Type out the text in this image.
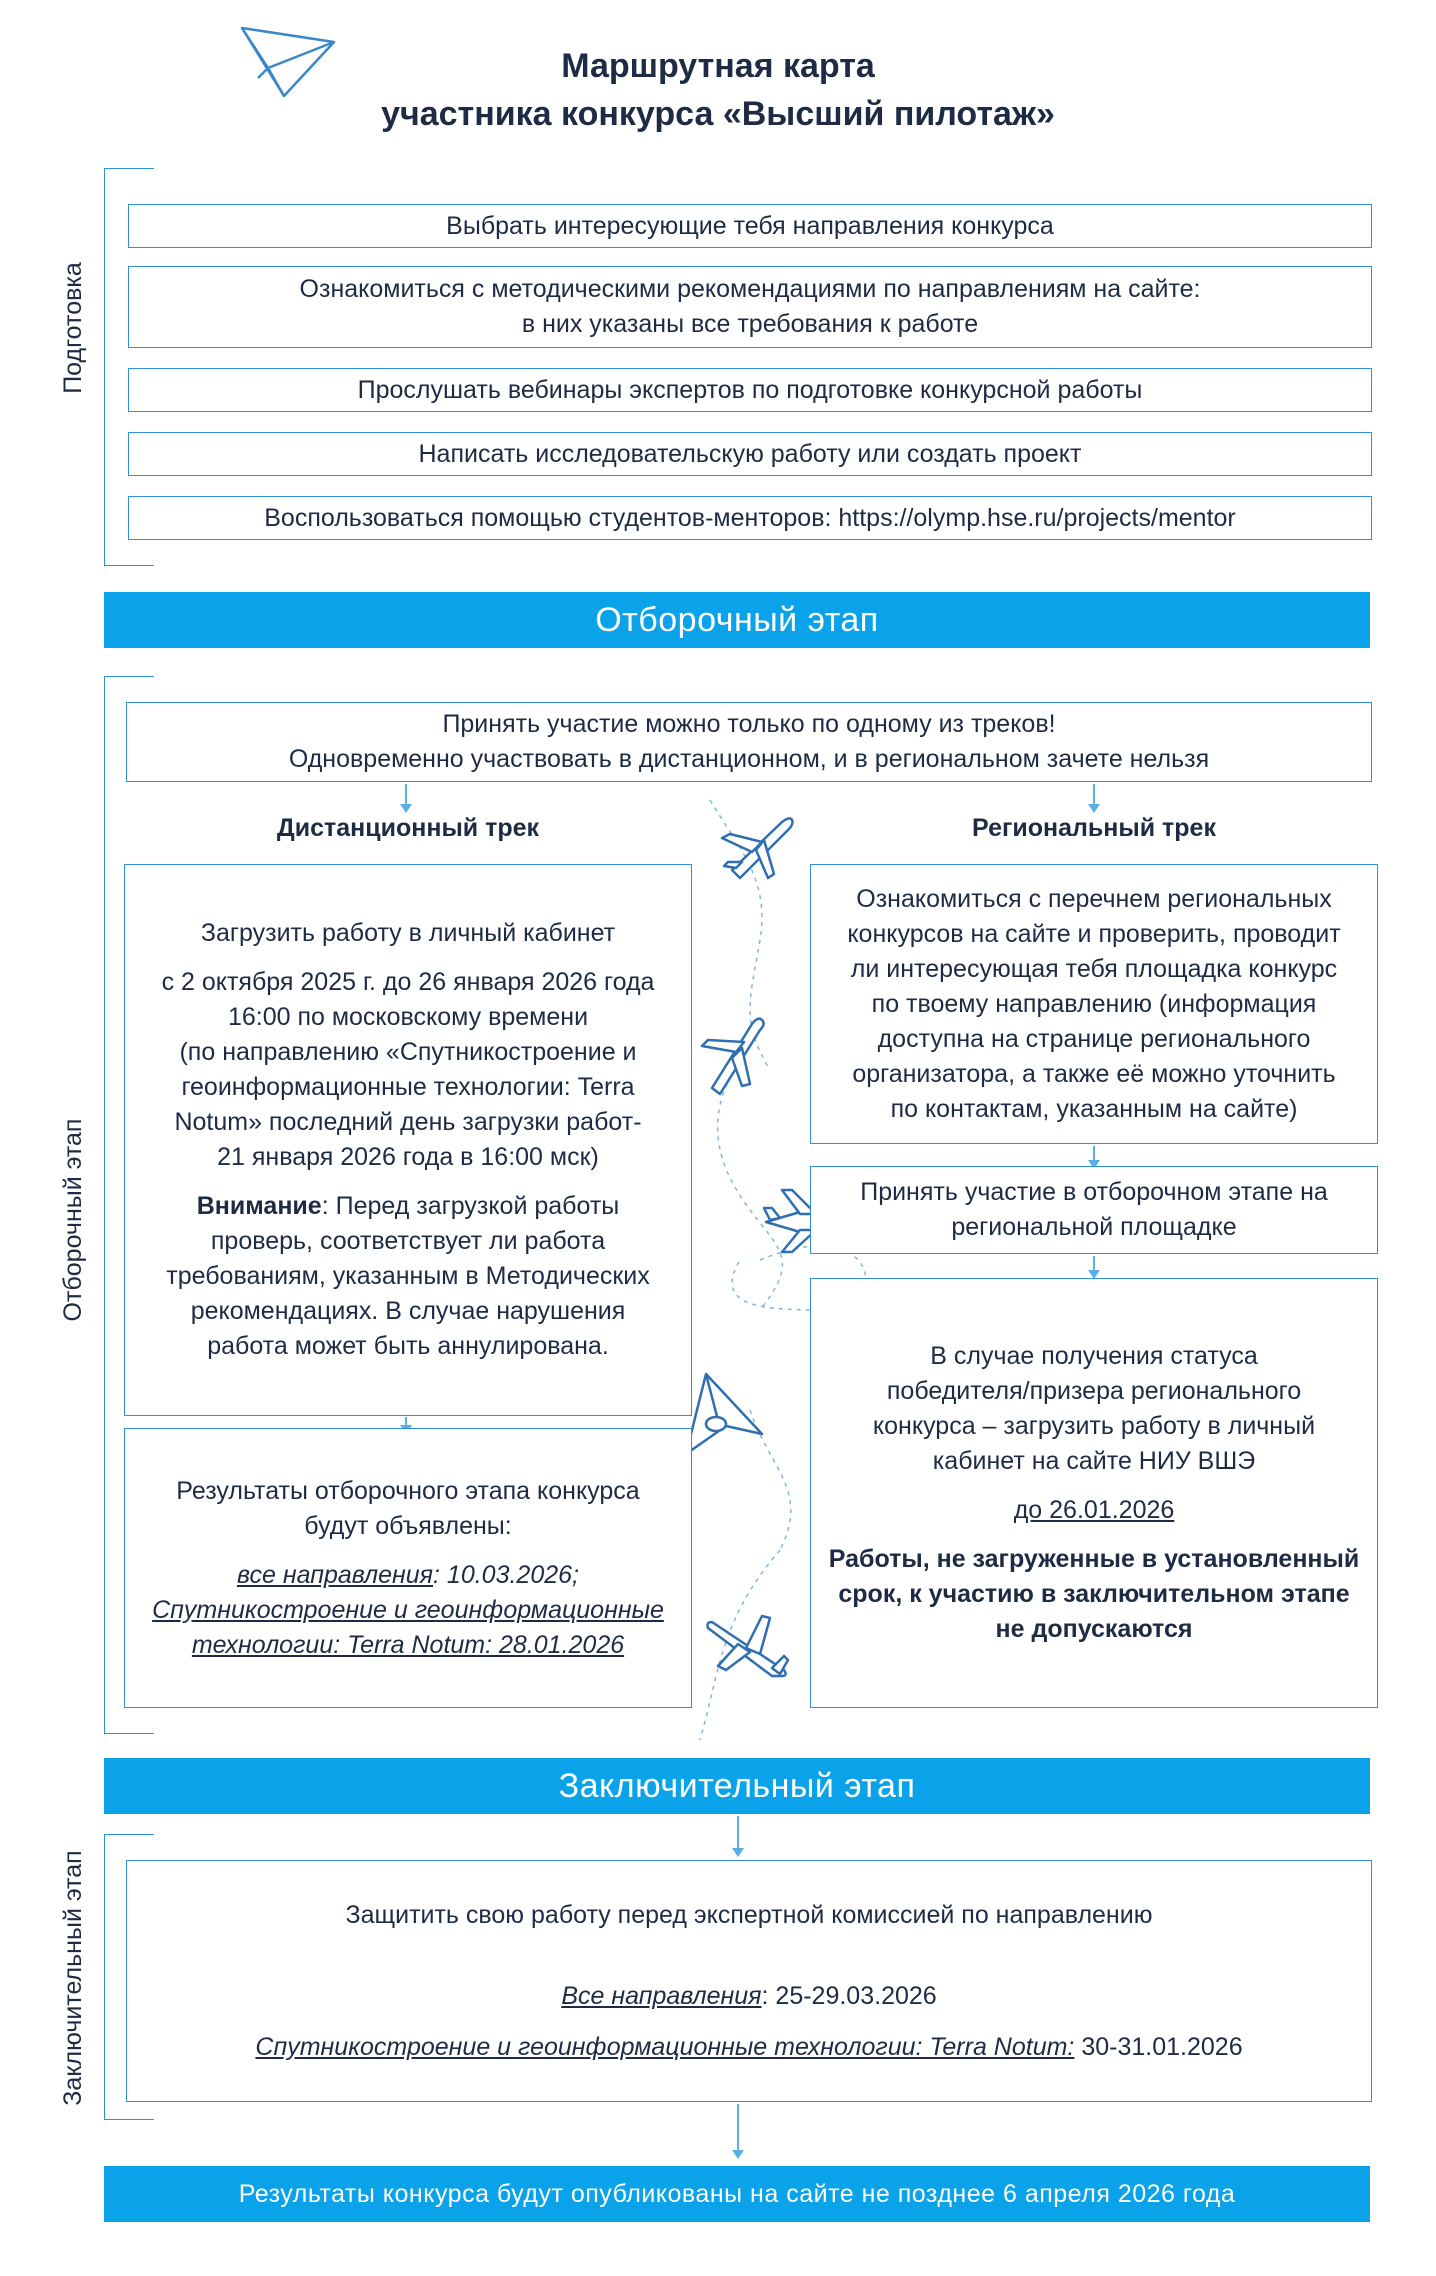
Маршрутная карта
участника конкурса «Высший пилотаж»
Подготовка
Выбрать интересующие тебя направления конкурса
Ознакомиться с методическими рекомендациями по направлениям на сайте:
в них указаны все требования к работе
Прослушать вебинары экспертов по подготовке конкурсной работы
Написать исследовательскую работу или создать проект
Воспользоваться помощью студентов-менторов: https://olymp.hse.ru/projects/mentor
Отборочный этап
Отборочный этап
Принять участие можно только по одному из треков!
Одновременно участвовать в дистанционном, и в региональном зачете нельзя
Дистанционный трек	Региональный трек
Загрузить работу в личный кабинет
с 2 октября 2025 г. до 26 января 2026 года
16:00 по московскому времени
(по направлению «Спутникостроение и
геоинформационные технологии: Terra
Notum» последний день загрузки работ-
21 января 2026 года в 16:00 мск)
Внимание: Перед загрузкой работы
проверь, соответствует ли работа
требованиям, указанным в Методических
рекомендациях. В случае нарушения
работа может быть аннулирована.
Результаты отборочного этапа конкурса
будут объявлены:
все направления: 10.03.2026;
Спутникостроение и геоинформационные
технологии: Terra Notum: 28.01.2026
Ознакомиться с перечнем региональных
конкурсов на сайте и проверить, проводит
ли интересующая тебя площадка конкурс
по твоему направлению (информация
доступна на странице регионального
организатора, а также её можно уточнить
по контактам, указанным на сайте)
Принять участие в отборочном этапе на
региональной площадке
В случае получения статуса
победителя/призера регионального
конкурса – загрузить работу в личный
кабинет на сайте НИУ ВШЭ
до 26.01.2026
Работы, не загруженные в установленный
срок, к участию в заключительном этапе
не допускаются
Заключительный этап
Заключительный этап	Защитить свою работу перед экспертной комиссией по направлению
Все направления: 25-29.03.2026
Спутникостроение и геоинформационные технологии: Terra Notum: 30-31.01.2026
Результаты конкурса будут опубликованы на сайте не позднее 6 апреля 2026 года
